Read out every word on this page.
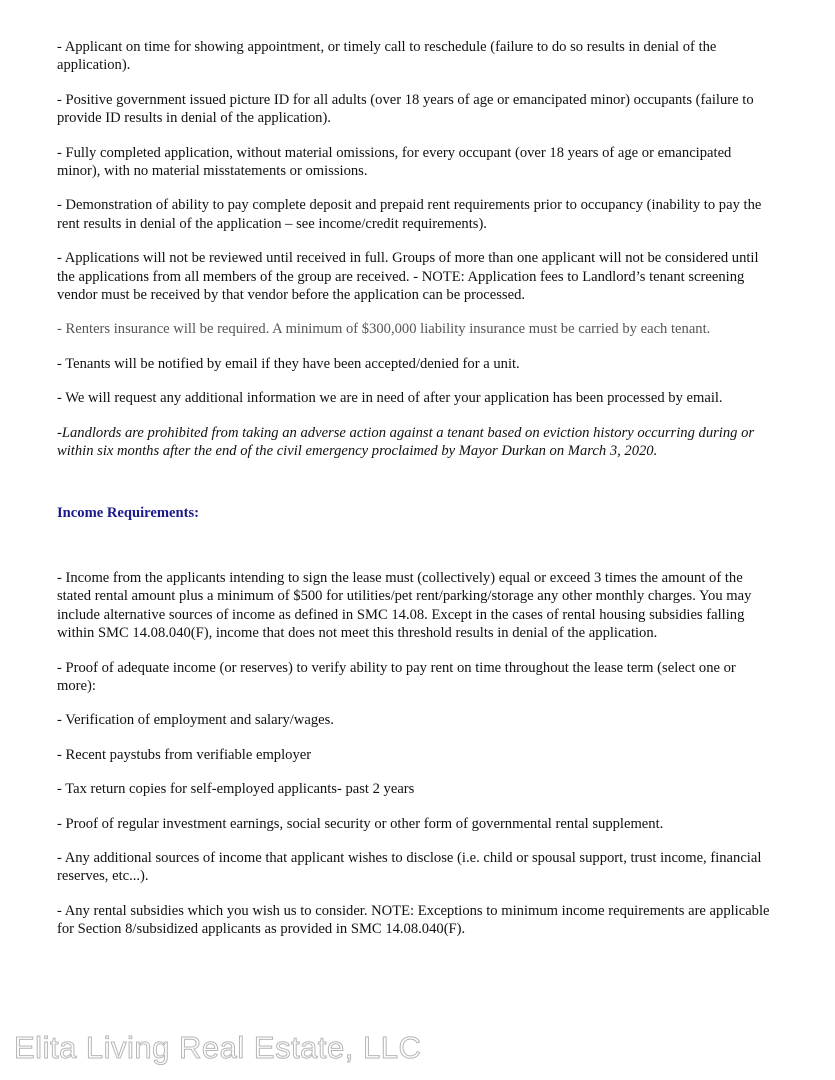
- Applicant on time for showing appointment, or timely call to reschedule (failure to do so results in denial of the application).

- Positive government issued picture ID for all adults (over 18 years of age or emancipated minor) occupants (failure to provide ID results in denial of the application).

- Fully completed application, without material omissions, for every occupant (over 18 years of age or emancipated minor), with no material misstatements or omissions.

- Demonstration of ability to pay complete deposit and prepaid rent requirements prior to occupancy (inability to pay the rent results in denial of the application – see income/credit requirements).

- Applications will not be reviewed until received in full. Groups of more than one applicant will not be considered until the applications from all members of the group are received. - NOTE: Application fees to Landlord’s tenant screening vendor must be received by that vendor before the application can be processed.

- Renters insurance will be required. A minimum of $300,000 liability insurance must be carried by each tenant.

- Tenants will be notified by email if they have been accepted/denied for a unit.

- We will request any additional information we are in need of after your application has been processed by email.

-Landlords are prohibited from taking an adverse action against a tenant based on eviction history occurring during or within six months after the end of the civil emergency proclaimed by Mayor Durkan on March 3, 2020.

Income Requirements:

- Income from the applicants intending to sign the lease must (collectively) equal or exceed 3 times the amount of the stated rental amount plus a minimum of $500 for utilities/pet rent/parking/storage any other monthly charges. You may include alternative sources of income as defined in SMC 14.08. Except in the cases of rental housing subsidies falling within SMC 14.08.040(F), income that does not meet this threshold results in denial of the application.

- Proof of adequate income (or reserves) to verify ability to pay rent on time throughout the lease term (select one or more):

- Verification of employment and salary/wages.

- Recent paystubs from verifiable employer

- Tax return copies for self-employed applicants- past 2 years

- Proof of regular investment earnings, social security or other form of governmental rental supplement.

- Any additional sources of income that applicant wishes to disclose (i.e. child or spousal support, trust income, financial reserves, etc...).

- Any rental subsidies which you wish us to consider. NOTE: Exceptions to minimum income requirements are applicable for Section 8/subsidized applicants as provided in SMC 14.08.040(F).

Elita Living Real Estate, LLC
